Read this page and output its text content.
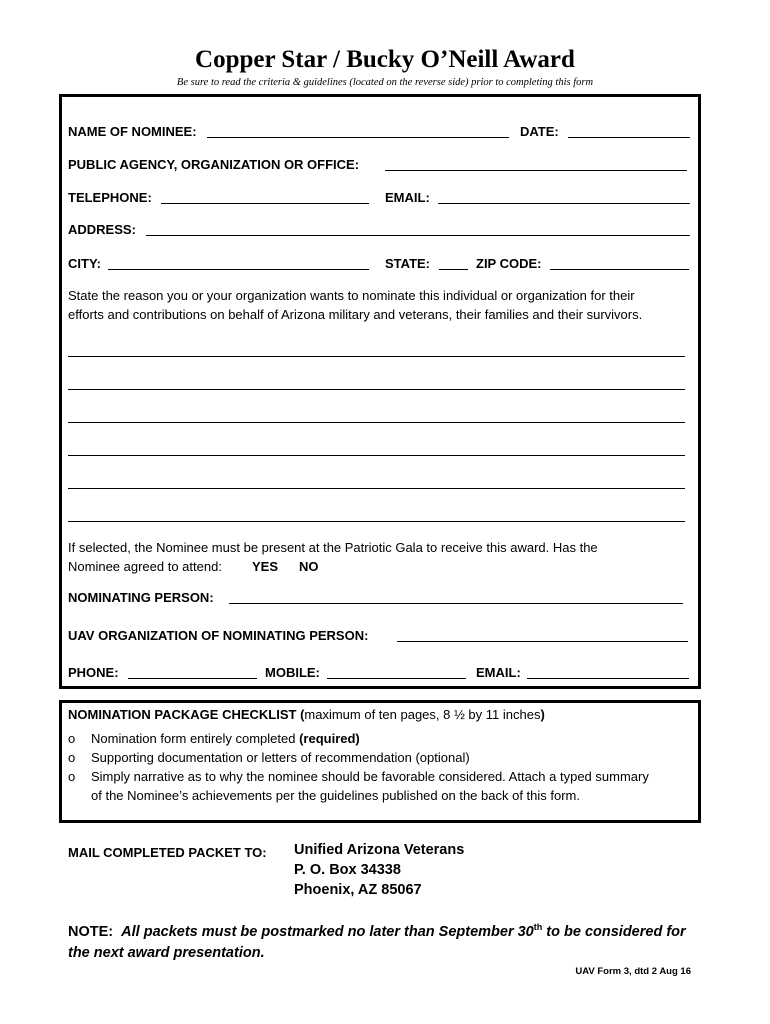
Copper Star / Bucky O’Neill Award
Be sure to read the criteria & guidelines (located on the reverse side) prior to completing this form
NAME OF NOMINEE:	DATE:
PUBLIC AGENCY, ORGANIZATION OR OFFICE:
TELEPHONE:	EMAIL:
ADDRESS:
CITY:	STATE:	ZIP CODE:
State the reason you or your organization wants to nominate this individual or organization for their
efforts and contributions on behalf of Arizona military and veterans, their families and their survivors.
If selected, the Nominee must be present at the Patriotic Gala to receive this award. Has the
Nominee agreed to attend: YES NO
NOMINATING PERSON:
UAV ORGANIZATION OF NOMINATING PERSON:
PHONE:	MOBILE:	EMAIL:
NOMINATION PACKAGE CHECKLIST (maximum of ten pages, 8 ½ by 11 inches)
o Nomination form entirely completed (required)
o Supporting documentation or letters of recommendation (optional)
o Simply narrative as to why the nominee should be favorable considered. Attach a typed summary
of the Nominee’s achievements per the guidelines published on the back of this form.
MAIL COMPLETED PACKET TO: Unified Arizona Veterans
P. O. Box 34338
Phoenix, AZ 85067
NOTE: All packets must be postmarked no later than September 30th to be considered for the next award presentation.
UAV Form 3, dtd 2 Aug 16
